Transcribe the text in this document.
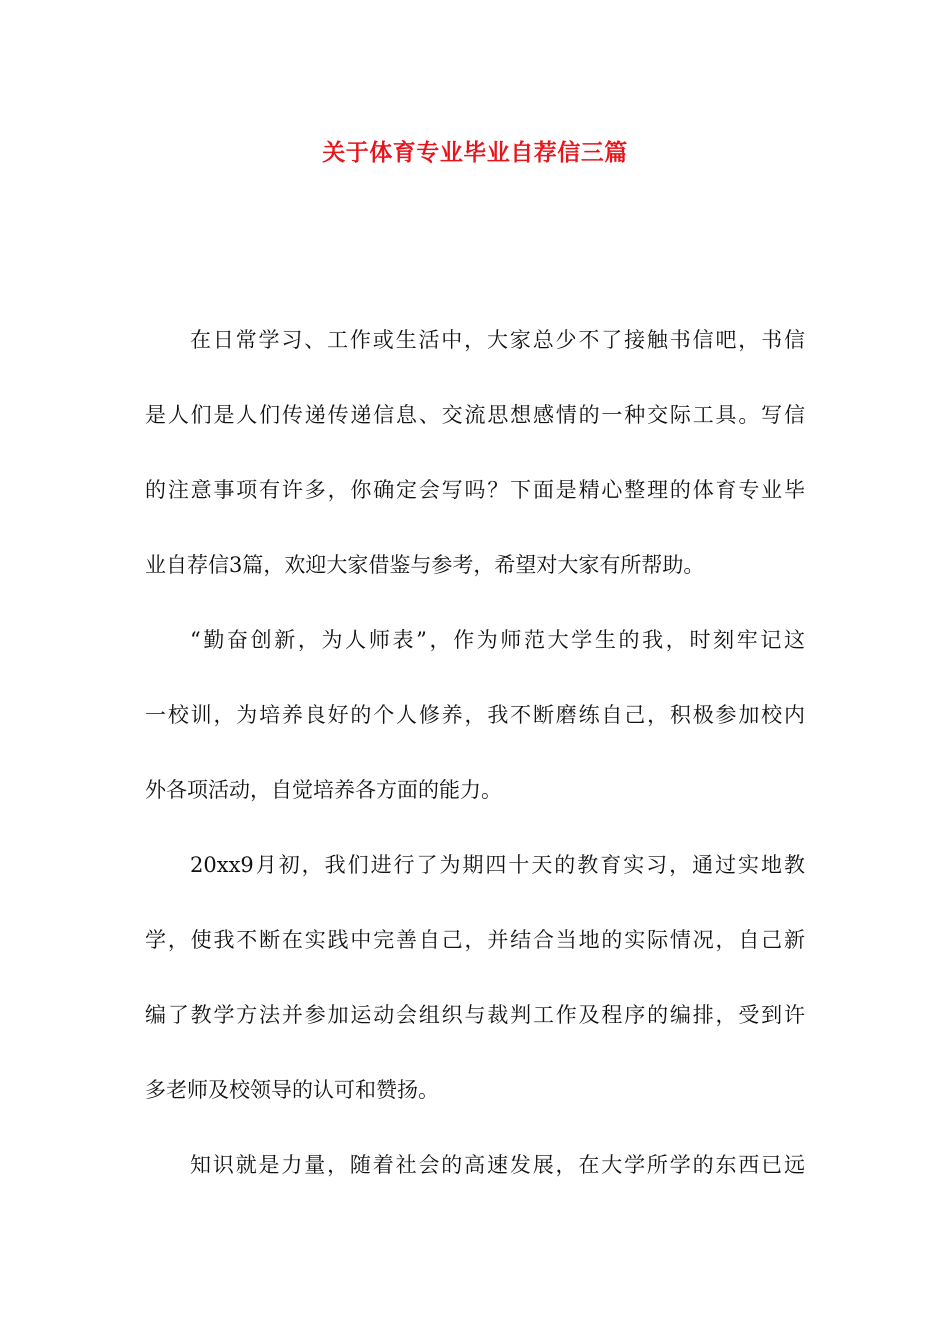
关于体育专业毕业自荐信三篇
在日常学习、工作或生活中，大家总少不了接触书信吧，书信
是人们是人们传递传递信息、交流思想感情的一种交际工具。写信
的注意事项有许多，你确定会写吗？下面是精心整理的体育专业毕
业自荐信3篇，欢迎大家借鉴与参考，希望对大家有所帮助。
“勤奋创新，为人师表”，作为师范大学生的我，时刻牢记这
一校训，为培养良好的个人修养，我不断磨练自己，积极参加校内
外各项活动，自觉培养各方面的能力。
20xx9月初，我们进行了为期四十天的教育实习，通过实地教
学，使我不断在实践中完善自己，并结合当地的实际情况，自己新
编了教学方法并参加运动会组织与裁判工作及程序的编排，受到许
多老师及校领导的认可和赞扬。
知识就是力量，随着社会的高速发展，在大学所学的东西已远
